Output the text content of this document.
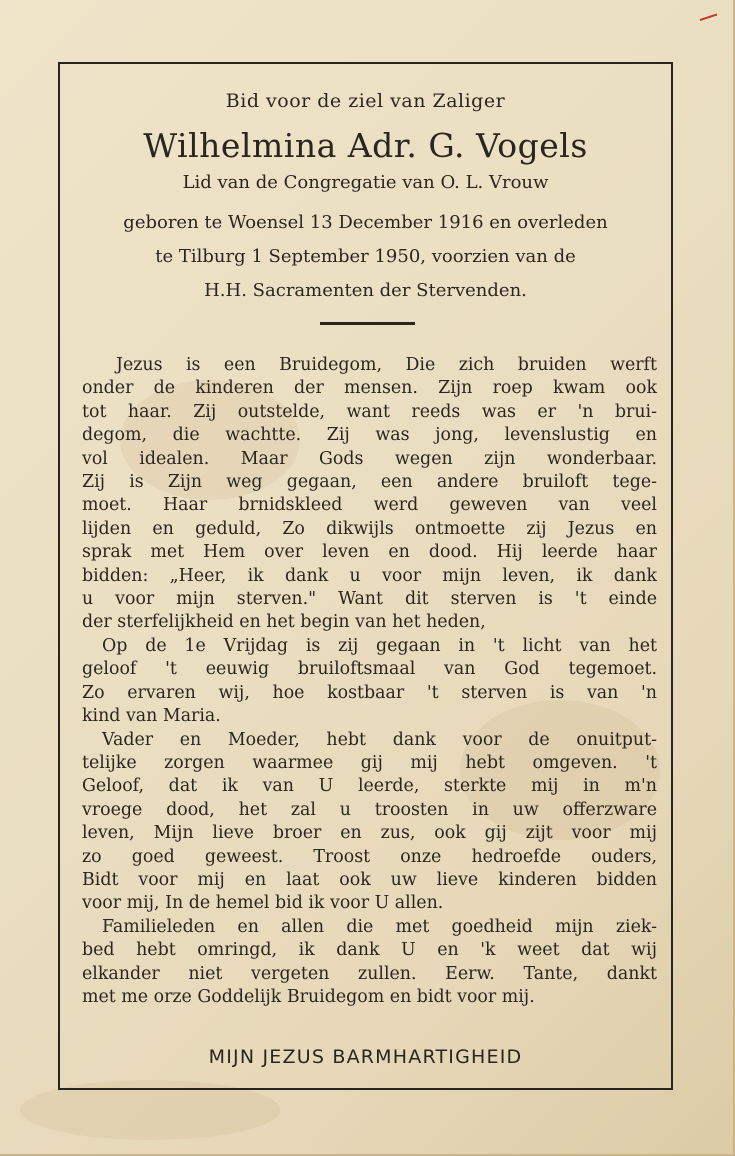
Bid voor de ziel van Zaliger
Wilhelmina Adr. G. Vogels
Lid van de Congregatie van O. L. Vrouw
geboren te Woensel 13 December 1916 en overleden
te Tilburg 1 September 1950, voorzien van de
H.H. Sacramenten der Stervenden.
Jezus is een Bruidegom, Die zich bruiden werft
onder de kinderen der mensen. Zijn roep kwam ook
tot haar. Zij outstelde, want reeds was er 'n brui-
degom, die wachtte. Zij was jong, levenslustig en
vol idealen. Maar Gods wegen zijn wonderbaar.
Zij is Zijn weg gegaan, een andere bruiloft tege-
moet. Haar brnidskleed werd geweven van veel
lijden en geduld, Zo dikwijls ontmoette zij Jezus en
sprak met Hem over leven en dood. Hij leerde haar
bidden: „Heer, ik dank u voor mijn leven, ik dank
u voor mijn sterven." Want dit sterven is 't einde
der sterfelijkheid en het begin van het heden,
Op de 1e Vrijdag is zij gegaan in 't licht van het
geloof 't eeuwig bruiloftsmaal van God tegemoet.
Zo ervaren wij, hoe kostbaar 't sterven is van 'n
kind van Maria.
Vader en Moeder, hebt dank voor de onuitput-
telijke zorgen waarmee gij mij hebt omgeven. 't
Geloof, dat ik van U leerde, sterkte mij in m'n
vroege dood, het zal u troosten in uw offerzware
leven, Mijn lieve broer en zus, ook gij zijt voor mij
zo goed geweest. Troost onze hedroefde ouders,
Bidt voor mij en laat ook uw lieve kinderen bidden
voor mij, In de hemel bid ik voor U allen.
Familieleden en allen die met goedheid mijn ziek-
bed hebt omringd, ik dank U en 'k weet dat wij
elkander niet vergeten zullen. Eerw. Tante, dankt
met me orze Goddelijk Bruidegom en bidt voor mij.
MIJN JEZUS BARMHARTIGHEID
